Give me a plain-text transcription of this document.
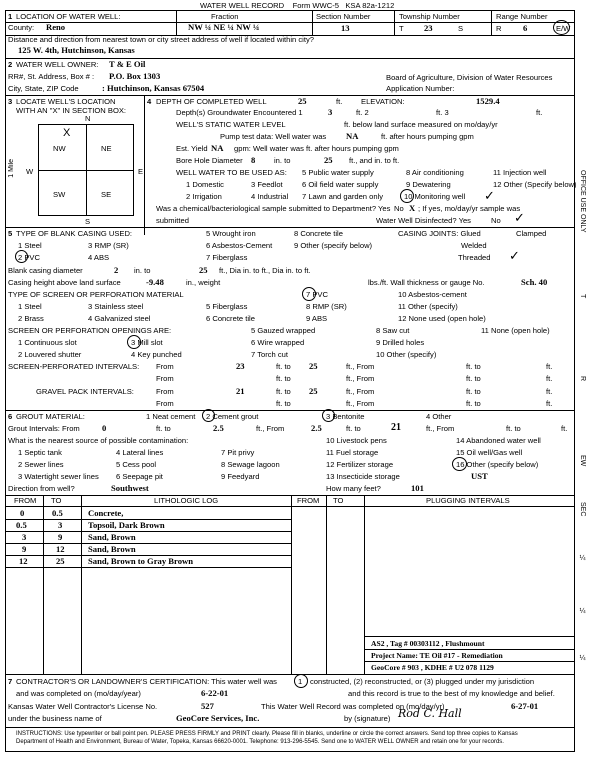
WATER WELL RECORD Form WWC-5 KSA 82a-1212
1 LOCATION OF WATER WELL:
County: Reno
Fraction
NW ¼ NE ¼ NW ¼
Section Number
13
Township Number
T 23	S
Range Number
R	6	E/W
Distance and direction from nearest town or city street address of well if located within city?
125 W. 4th, Hutchinson, Kansas
2 WATER WELL OWNER: T & E Oil
RR#, St. Address, Box # : P.O. Box 1303
City, State, ZIP Code	: Hutchinson, Kansas 67504
Board of Agriculture, Division of Water Resources
Application Number:
3 LOCATE WELL'S LOCATION
WITH AN "X" IN SECTION BOX:
N
S
W	E
1 Mile
NW	NE
SW	SE
X
4 DEPTH OF COMPLETED WELL	25	ft. ELEVATION:	1529.4
Depth(s) Groundwater Encountered 1	3	ft. 2	ft. 3	ft.
WELL'S STATIC WATER LEVEL	ft. below land surface measured on mo/day/yr
Pump test data: Well water was NA	ft. after hours pumping gpm
Est. Yield NA gpm: Well water was ft. after hours pumping gpm
Bore Hole Diameter 8 in. to	25 ft., and in. to ft.
WELL WATER TO BE USED AS: 5 Public water supply	8 Air conditioning	11 Injection well
1 Domestic	3 Feedlot	6 Oil field water supply	9 Dewatering	12 Other (Specify below)
2 Irrigation	4 Industrial 7 Lawn and garden only	10 Monitoring well ✓
Was a chemical/bacteriological sample submitted to Department? Yes No X ; If yes, mo/day/yr sample was
submitted	Water Well Disinfected? Yes	No ✓
5 TYPE OF BLANK CASING USED:
1 Steel	3 RMP (SR)
5 Wrought iron
6 Asbestos-Cement
8 Concrete tile
9 Other (specify below)
2 PVC	4 ABS	7 Fiberglass
CASING JOINTS: Glued	Clamped
Welded
Threaded ✓
Blank casing diameter	2 in. to	25 ft., Dia in. to ft., Dia in. to ft.
Casing height above land surface	-9.48	in., weight	lbs./ft. Wall thickness or gauge No.	Sch. 40
TYPE OF SCREEN OR PERFORATION MATERIAL
1 Steel	3 Stainless steel	5 Fiberglass
7 PVC	10 Asbestos-cement
2 Brass	4 Galvanized steel	6 Concrete tile
8 RMP (SR)
9 ABS
11 Other (specify)
12 None used (open hole)
SCREEN OR PERFORATION OPENINGS ARE:	5 Gauzed wrapped	8 Saw cut	11 None (open hole)
1 Continuous slot	3 Mill slot	6 Wire wrapped	9 Drilled holes
2 Louvered shutter	4 Key punched	7 Torch cut	10 Other (specify)
SCREEN-PERFORATED INTERVALS: From	23	ft. to 25	ft., From	ft. to	ft.
From	ft. to	ft., From	ft. to	ft.
GRAVEL PACK INTERVALS:	From	21	ft. to 25	ft., From	ft. to	ft.
From	ft. to	ft., From	ft. to	ft.
6 GROUT MATERIAL:	1 Neat cement 2 Cement grout	3 Bentonite	4 Other
Grout Intervals: From	0	ft. to	2.5	ft., From	2.5	ft. to	21	ft., From	ft. to	ft.
What is the nearest source of possible contamination:	10 Livestock pens	14 Abandoned water well
1 Septic tank	4 Lateral lines	7 Pit privy	11 Fuel storage	15 Oil well/Gas well
2 Sewer lines	5 Cess pool	8 Sewage lagoon	12 Fertilizer storage	16 Other (specify below)
3 Watertight sewer lines 6 Seepage pit	9 Feedyard	13 Insecticide storage	UST
Direction from well?	Southwest	How many feet?	101
FROM TO	LITHOLOGIC LOG	FROM TO	PLUGGING INTERVALS
0	0.5	Concrete,
0.5	3	Topsoil, Dark Brown
3	9	Sand, Brown
9	12	Sand, Brown
12	25	Sand, Brown to Gray Brown
AS2 , Tag # 00303112 , Flushmount
Project Name: TE Oil #17 - Remediation
GeoCore # 903 , KDHE # U2 078 1129
7 CONTRACTOR'S OR LANDOWNER'S CERTIFICATION: This water well was	1 constructed, (2) reconstructed, or (3) plugged under my jurisdiction
and was completed on (mo/day/year)	6-22-01	and this record is true to the best of my knowledge and belief.
Kansas Water Well Contractor's License No.	527	This Water Well Record was completed on (mo/day/yr)	6-27-01
under the business name of	GeoCore Services, Inc.	by (signature) Rod C. Hall
INSTRUCTIONS: Use typewriter or ball point pen. PLEASE PRESS FIRMLY and PRINT clearly. Please fill in blanks, underline or circle the correct answers. Send top three copies to Kansas
Department of Health and Environment, Bureau of Water, Topeka, Kansas 66620-0001. Telephone: 913-296-5545. Send one to WATER WELL OWNER and retain one for your records.
OFFICE USE ONLY
T
R
EW
SEC
¼
¼
¼
